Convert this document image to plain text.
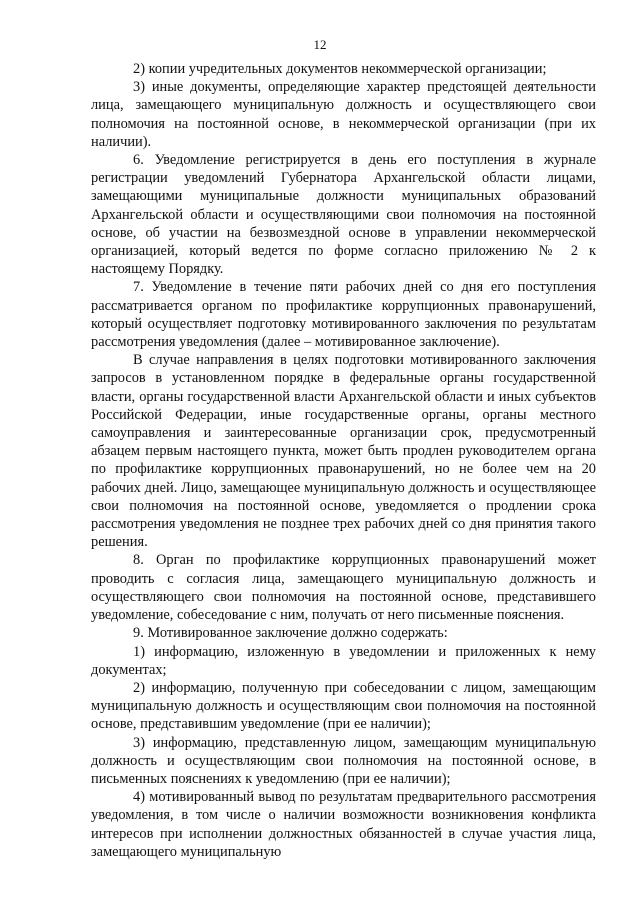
12

2) копии учредительных документов некоммерческой организации;

3) иные документы, определяющие характер предстоящей деятельности лица, замещающего муниципальную должность и осуществляющего свои полномочия на постоянной основе, в некоммерческой организации (при их наличии).

6. Уведомление регистрируется в день его поступления в журнале регистрации уведомлений Губернатора Архангельской области лицами, замещающими муниципальные должности муниципальных образований Архангельской области и осуществляющими свои полномочия на постоянной основе, об участии на безвозмездной основе в управлении некоммерческой организацией, который ведется по форме согласно приложению № 2 к настоящему Порядку.

7. Уведомление в течение пяти рабочих дней со дня его поступления рассматривается органом по профилактике коррупционных правонарушений, который осуществляет подготовку мотивированного заключения по результатам рассмотрения уведомления (далее – мотивированное заключение).

В случае направления в целях подготовки мотивированного заключения запросов в установленном порядке в федеральные органы государственной власти, органы государственной власти Архангельской области и иных субъектов Российской Федерации, иные государственные органы, органы местного самоуправления и заинтересованные организации срок, предусмотренный абзацем первым настоящего пункта, может быть продлен руководителем органа по профилактике коррупционных правонарушений, но не более чем на 20 рабочих дней. Лицо, замещающее муниципальную должность и осуществляющее свои полномочия на постоянной основе, уведомляется о продлении срока рассмотрения уведомления не позднее трех рабочих дней со дня принятия такого решения.

8. Орган по профилактике коррупционных правонарушений может проводить с согласия лица, замещающего муниципальную должность и осуществляющего свои полномочия на постоянной основе, представившего уведомление, собеседование с ним, получать от него письменные пояснения.

9. Мотивированное заключение должно содержать:

1) информацию, изложенную в уведомлении и приложенных к нему документах;

2) информацию, полученную при собеседовании с лицом, замещающим муниципальную должность и осуществляющим свои полномочия на постоянной основе, представившим уведомление (при ее наличии);

3) информацию, представленную лицом, замещающим муниципальную должность и осуществляющим свои полномочия на постоянной основе, в письменных пояснениях к уведомлению (при ее наличии);

4) мотивированный вывод по результатам предварительного рассмотрения уведомления, в том числе о наличии возможности возникновения конфликта интересов при исполнении должностных обязанностей в случае участия лица, замещающего муниципальную
